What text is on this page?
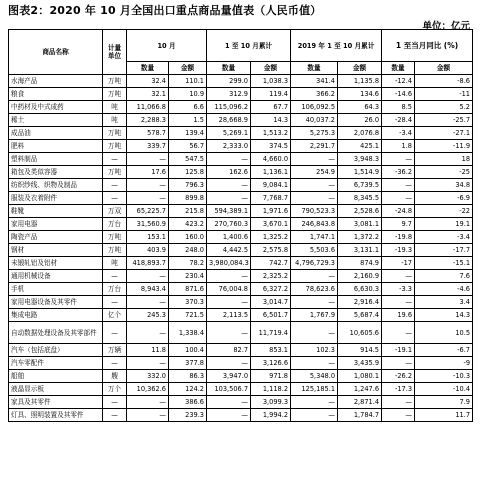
图表2：2020 年 10 月全国出口重点商品量值表（人民币值）
单位：亿元
商品名称	计量单位	10 月		1 至 10 月累计		2019 年 1 至 10 月累计		1 至当月同比 (%)	
		数量	金额	数量	金额	数量	金额	数量	金额
水海产品	万吨	32.4	110.1	299.0	1,038.3	341.4	1,135.8	-12.4	-8.6
粮食	万吨	32.1	10.9	312.9	119.4	366.2	134.6	-14.6	-11
中药材及中式成药	吨	11,066.8	6.6	115,096.2	67.7	106,092.5	64.3	8.5	5.2
稀土	吨	2,288.3	1.5	28,668.9	14.3	40,037.2	26.0	-28.4	-25.7
成品油	万吨	578.7	139.4	5,269.1	1,513.2	5,275.3	2,076.8	-3.4	-27.1
肥料	万吨	339.7	56.7	2,333.0	374.5	2,291.7	425.1	1.8	-11.9
塑料制品	—	—	547.5	—	4,660.0	—	3,948.3	—	18
箱包及类似容器	万吨	17.6	125.8	162.6	1,136.1	254.9	1,514.9	-36.2	-25
纺织纱线、织物及制品	—	—	796.3	—	9,084.1	—	6,739.5	—	34.8
服装及衣着附件	—	—	899.8	—	7,768.7	—	8,345.5	—	-6.9
鞋靴	万双	65,225.7	215.8	594,389.1	1,971.6	790,523.3	2,528.6	-24.8	-22
家用电器	万台	31,560.9	423.2	270,760.3	3,670.1	246,843.8	3,081.1	9.7	19.1
陶瓷产品	万吨	153.1	160.0	1,400.6	1,325.2	1,747.1	1,372.2	-19.8	-3.4
钢材	万吨	403.9	248.0	4,442.5	2,575.8	5,503.6	3,131.1	-19.3	-17.7
未锻轧铝及铝材	吨	418,893.7	78.2	3,980,084.3	742.7	4,796,729.3	874.9	-17	-15.1
通用机械设备	—	—	230.4	—	2,325.2	—	2,160.9	—	7.6
手机	万台	8,943.4	871.6	76,004.8	6,327.2	78,623.6	6,630.3	-3.3	-4.6
家用电器设备及其零件	—	—	370.3	—	3,014.7	—	2,916.4	—	3.4
集成电路	亿个	245.3	721.5	2,113.5	6,501.7	1,767.9	5,687.4	19.6	14.3
自动数据处理设备及其零部件	—	—	1,338.4	—	11,719.4	—	10,605.6	—	10.5
汽车（包括底盘）	万辆	11.8	100.4	82.7	853.1	102.3	914.5	-19.1	-6.7
汽车零配件	—	—	377.8	—	3,126.6	—	3,435.9	—	-9
船舶	艘	332.0	86.3	3,947.0	971.8	5,348.0	1,080.1	-26.2	-10.3
液晶显示板	万个	10,362.6	124.2	103,506.7	1,118.2	125,185.1	1,247.6	-17.3	-10.4
家具及其零件	—	—	386.6	—	3,099.3	—	2,871.4	—	7.9
灯具、照明装置及其零件	—	—	239.3	—	1,994.2	—	1,784.7	—	11.7
